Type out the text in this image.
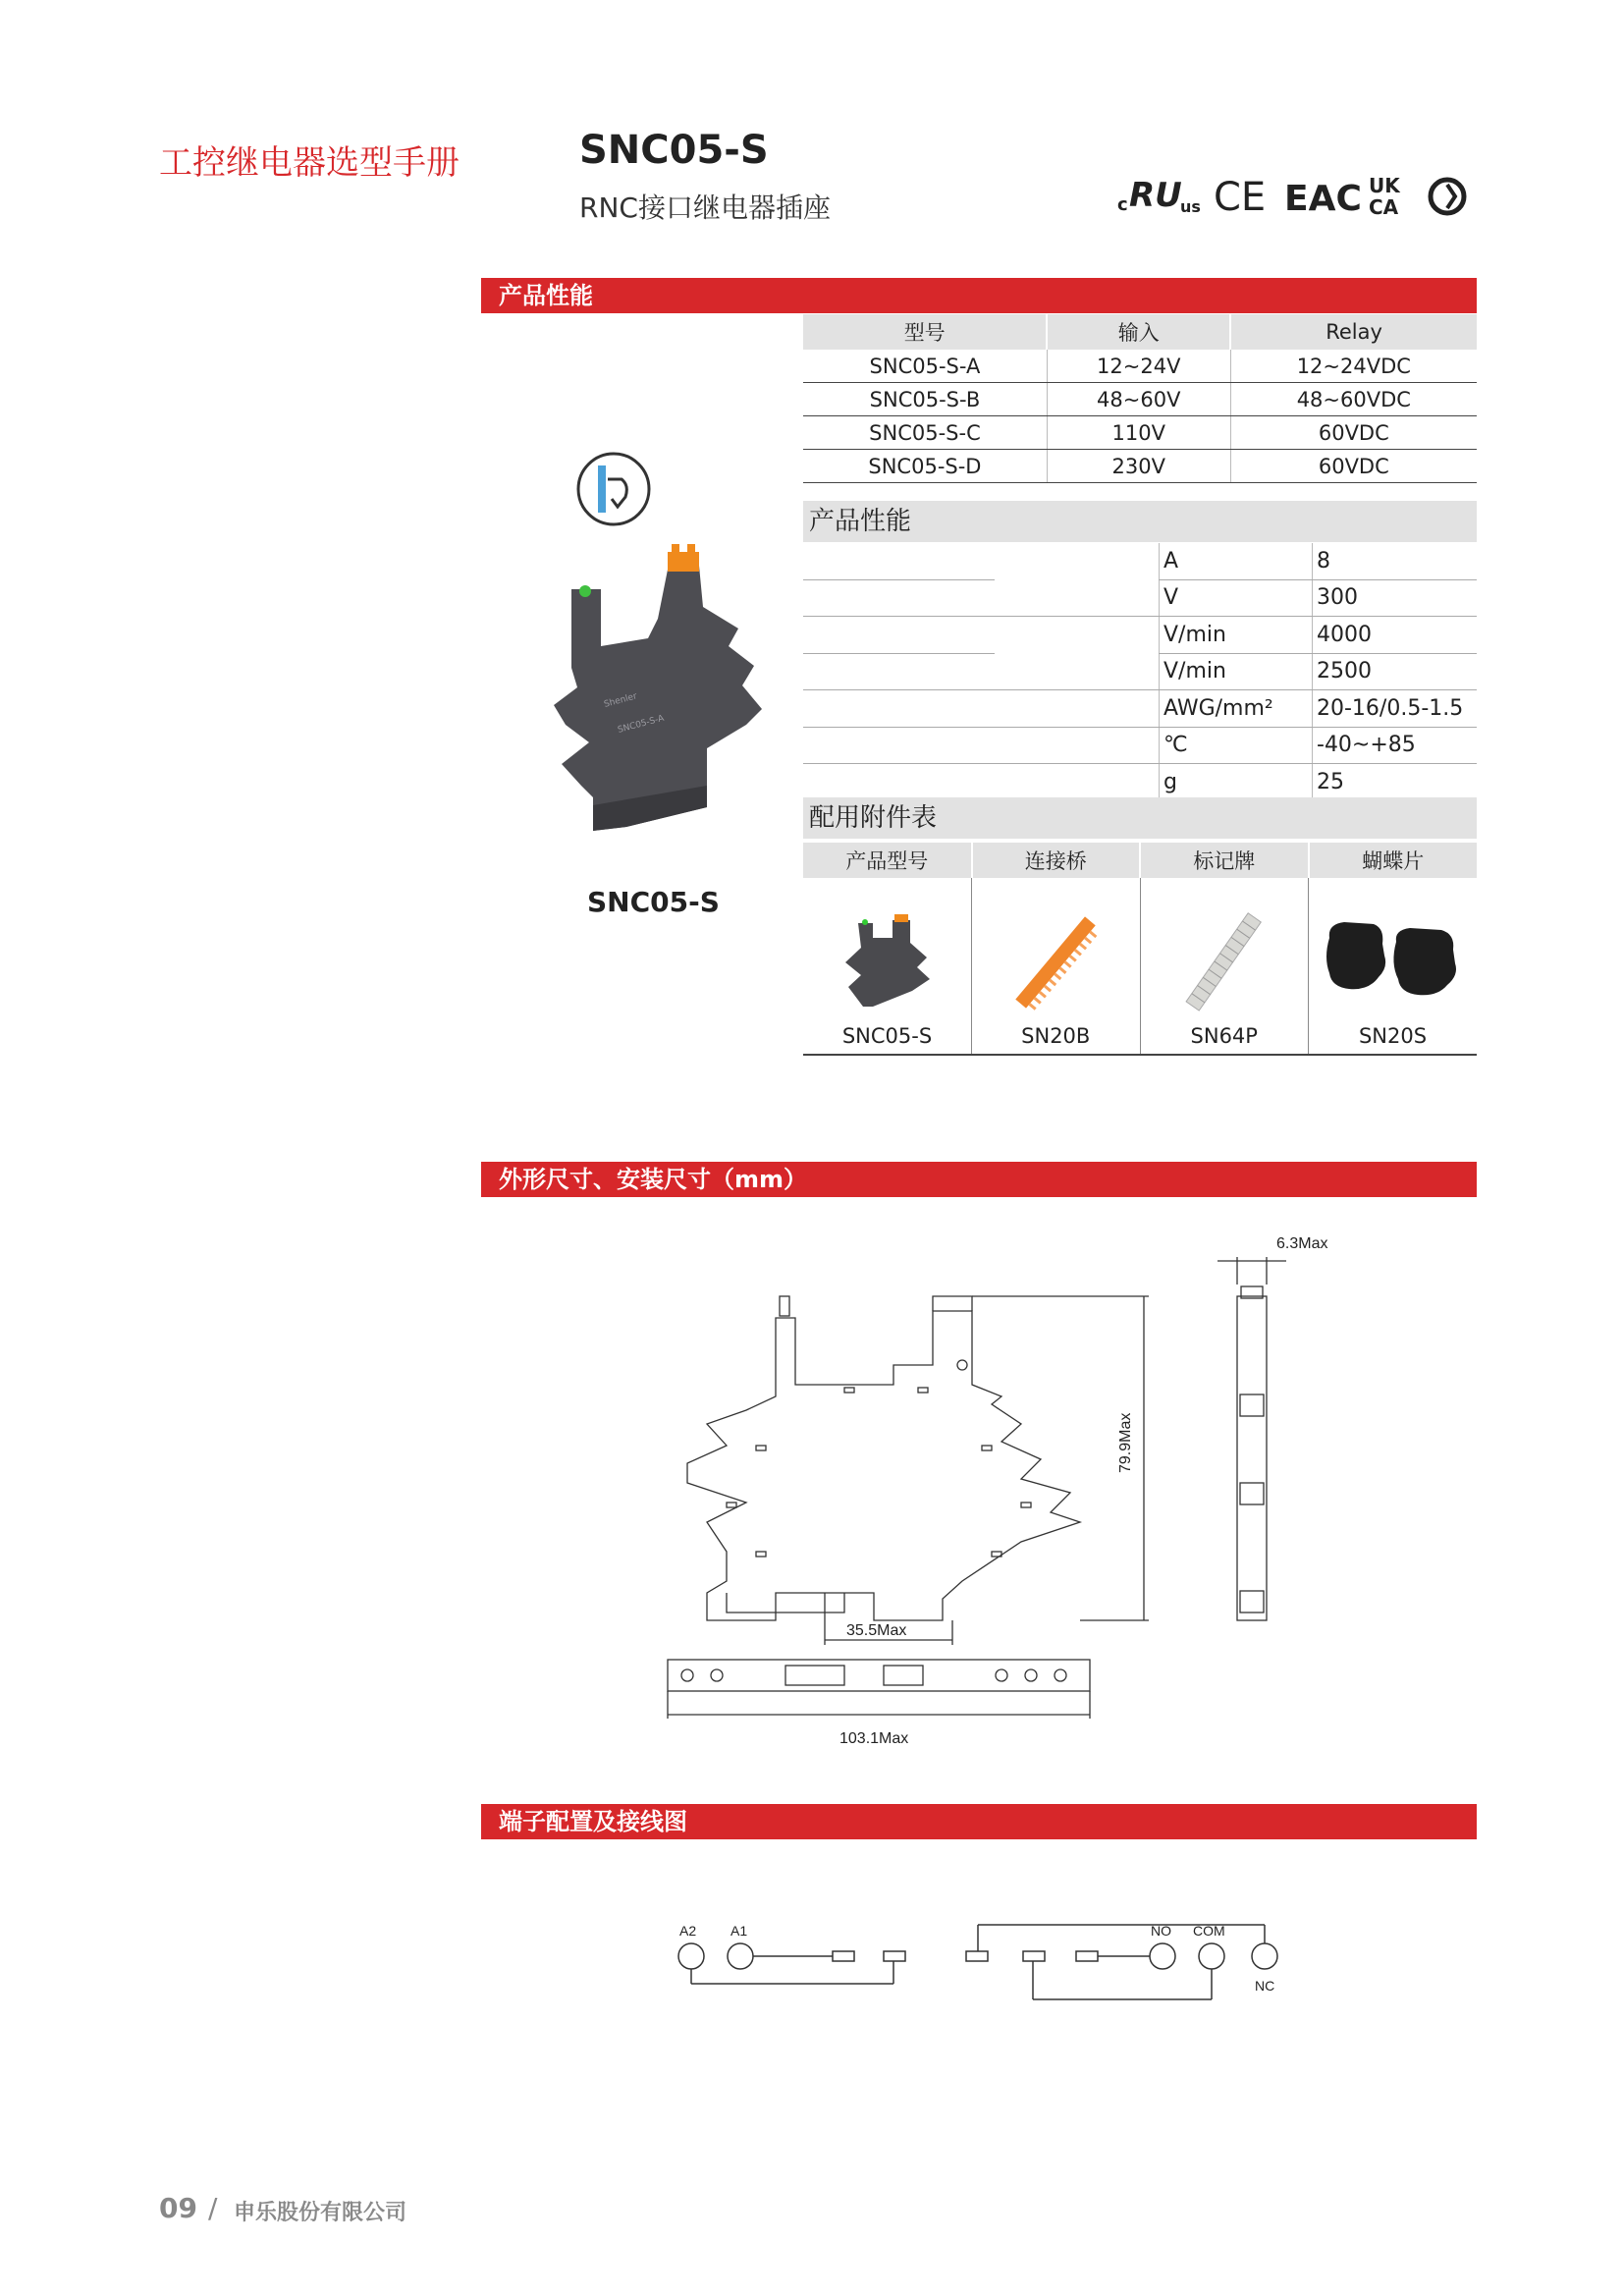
工控继电器选型手册	SNC05-S
RNC接口继电器插座	c RU
us CE EAC UK
CA
产品性能
型号	输入	Relay
SNC05-S-A	12~24V	12~24VDC
SNC05-S-B	48~60V	48~60VDC
SNC05-S-C	110V	60VDC
SNC05-S-D	230V	60VDC
产品性能
		A	8
		V	300
		V/min	4000
		V/min	2500
		AWG/mm²	20-16/0.5-1.5
		℃	-40~+85
		g	25
配用附件表
产品型号	连接桥	标记牌	蝴蝶片

SNC05-S	SN20B	SN64P	SN20S
Shenler
SNC05-S-A
SNC05-S
外形尺寸、安装尺寸（mm）
6.3Max
79.9Max
35.5Max
103.1Max
端子配置及接线图
A2 A1	NO COM
NC
09 / 申乐股份有限公司
